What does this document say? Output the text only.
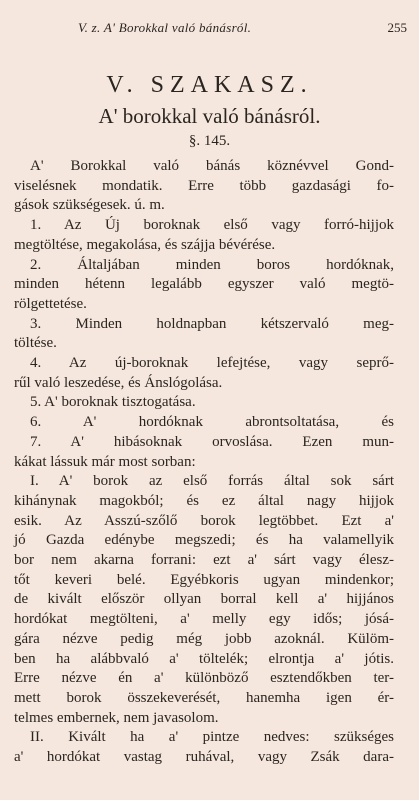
V. z. A' Borokkal való bánásról.	255
V. SZAKASZ.
A' borokkal való bánásról.
§. 145.
A' Borokkal való bánás köznévvel Gond-
viselésnek mondatik. Erre több gazdasági fo-
gások szükségesek. ú. m.
1. Az Új boroknak első vagy forró-hijjok
megtöltése, megakolása, és szájja bévérése.
2. Általjában minden boros hordóknak,
minden hétenn legalább egyszer való megtö-
rölgettetése.
3. Minden holdnapban kétszervaló meg-
töltése.
4. Az új-boroknak lefejtése, vagy seprő-
rűl való leszedése, és Ánslógolása.
5. A' boroknak tisztogatása.
6. A' hordóknak abrontsoltatása, és
7. A' hibásoknak orvoslása. Ezen mun-
kákat lássuk már most sorban:
I. A' borok az első forrás által sok sárt
kihánynak magokból; és ez által nagy hijjok
esik. Az Asszú-szőlő borok legtöbbet. Ezt a'
jó Gazda edénybe megszedi; és ha valamellyik
bor nem akarna forrani: ezt a' sárt vagy élesz-
tőt keveri belé. Egyébkoris ugyan mindenkor;
de kivált először ollyan borral kell a' hijjános
hordókat megtölteni, a' melly egy idős; jósá-
gára nézve pedig még jobb azoknál. Külöm-
ben ha alábbvaló a' töltelék; elrontja a' jótis.
Erre nézve én a' különböző esztendőkben ter-
mett borok összekeverését, hanemha igen ér-
telmes embernek, nem javasolom.
II. Kivált ha a' pintze nedves: szükséges
a' hordókat vastag ruhával, vagy Zsák dara-
